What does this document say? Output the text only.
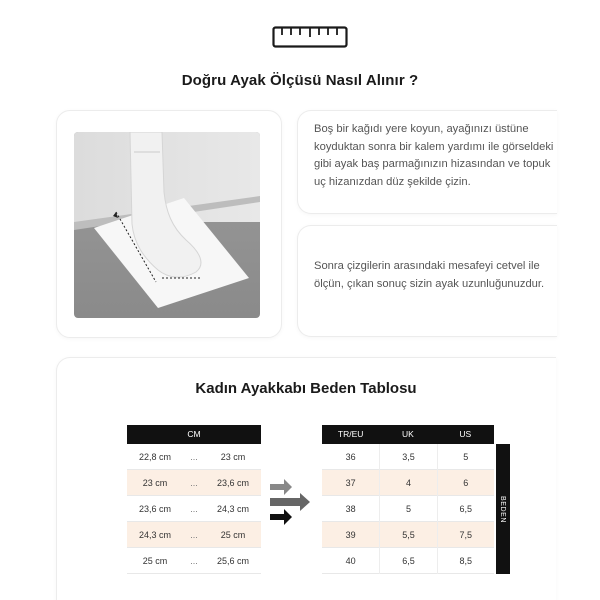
Doğru Ayak Ölçüsü Nasıl Alınır ?
Boş bir kağıdı yere koyun, ayağınızı üstüne koyduktan sonra bir kalem yardımı ile görseldeki gibi ayak baş parmağınızın hizasından ve topuk uç hizanızdan düz şekilde çizin.
Sonra çizgilerin arasındaki mesafeyi cetvel ile ölçün, çıkan sonuç sizin ayak uzunluğunuzdur.
Kadın Ayakkabı Beden Tablosu
CM
22,8 cm	...	23 cm
23 cm	...	23,6 cm
23,6 cm	...	24,3 cm
24,3 cm	...	25 cm
25 cm	...	25,6 cm
TR/EU	UK	US
36	3,5	5
37	4	6
38	5	6,5
39	5,5	7,5
40	6,5	8,5
BEDEN
